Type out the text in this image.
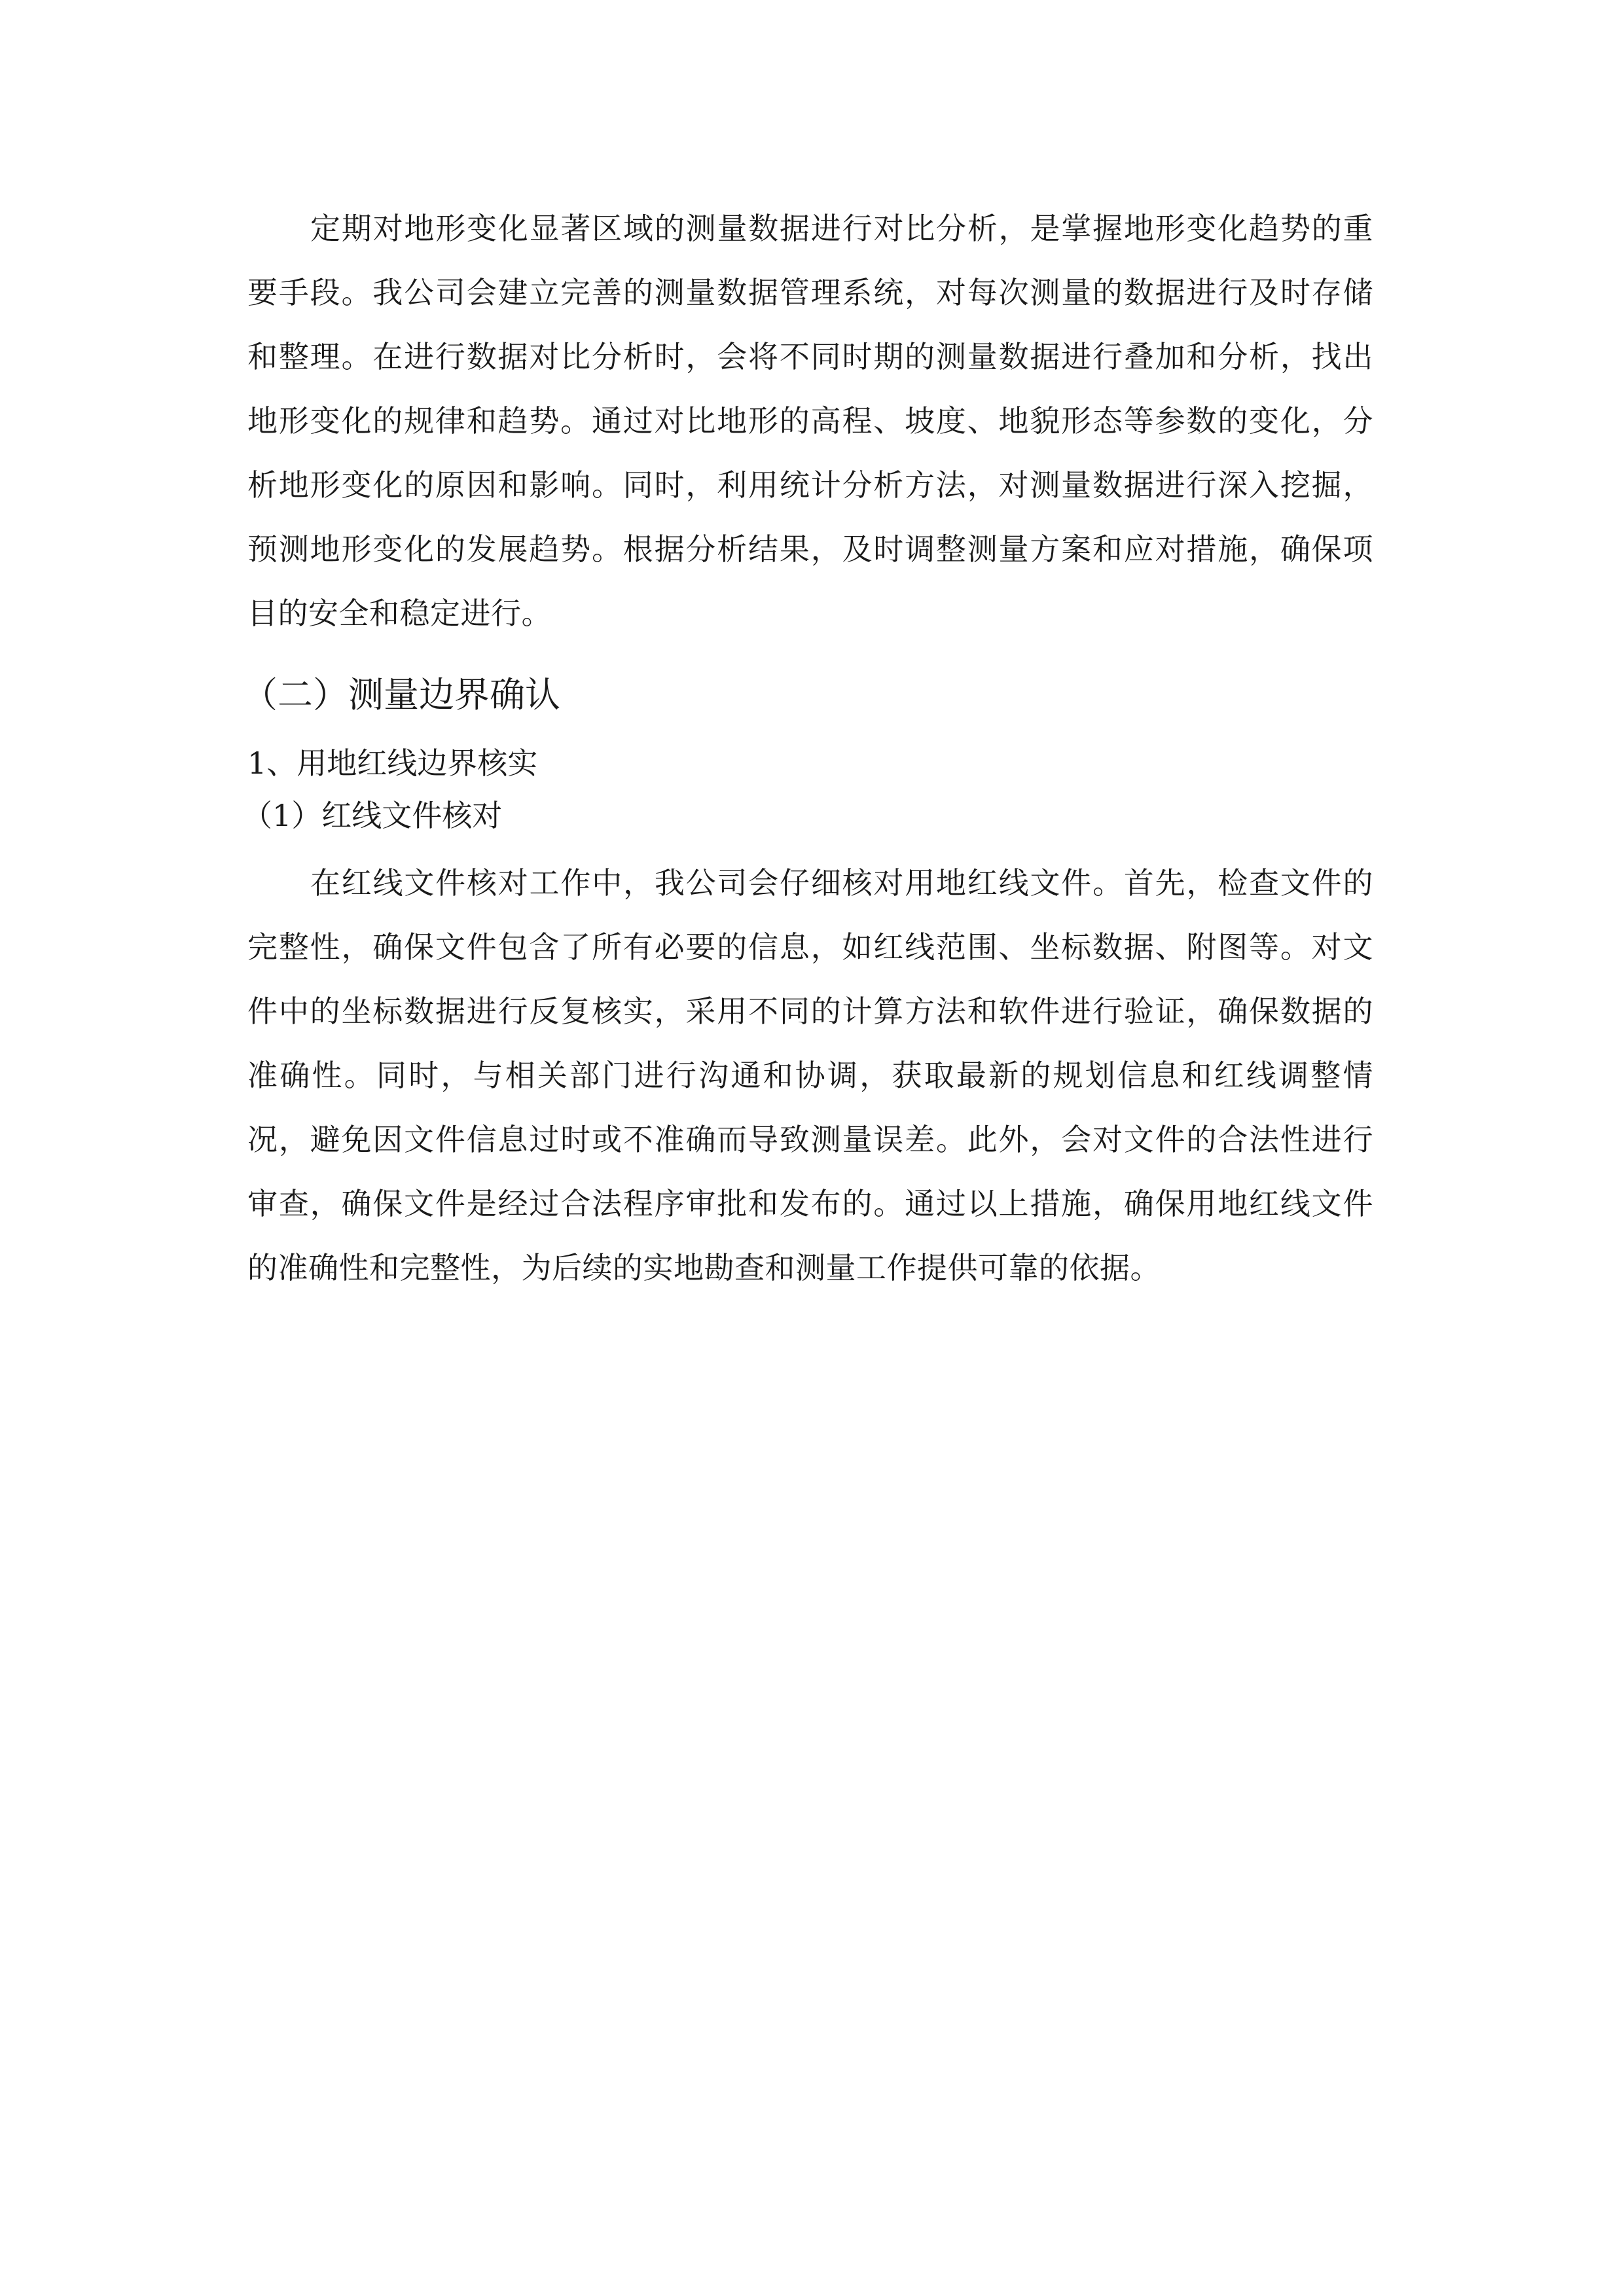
定期对地形变化显著区域的测量数据进行对比分析，是掌握地形变化趋势的重要手段。我公司会建立完善的测量数据管理系统，对每次测量的数据进行及时存储和整理。在进行数据对比分析时，会将不同时期的测量数据进行叠加和分析，找出地形变化的规律和趋势。通过对比地形的高程、坡度、地貌形态等参数的变化，分析地形变化的原因和影响。同时，利用统计分析方法，对测量数据进行深入挖掘，预测地形变化的发展趋势。根据分析结果，及时调整测量方案和应对措施，确保项目的安全和稳定进行。

（二）测量边界确认
1、用地红线边界核实
（1）红线文件核对

在红线文件核对工作中，我公司会仔细核对用地红线文件。首先，检查文件的完整性，确保文件包含了所有必要的信息，如红线范围、坐标数据、附图等。对文件中的坐标数据进行反复核实，采用不同的计算方法和软件进行验证，确保数据的准确性。同时，与相关部门进行沟通和协调，获取最新的规划信息和红线调整情况，避免因文件信息过时或不准确而导致测量误差。此外，会对文件的合法性进行审查，确保文件是经过合法程序审批和发布的。通过以上措施，确保用地红线文件的准确性和完整性，为后续的实地勘查和测量工作提供可靠的依据。
